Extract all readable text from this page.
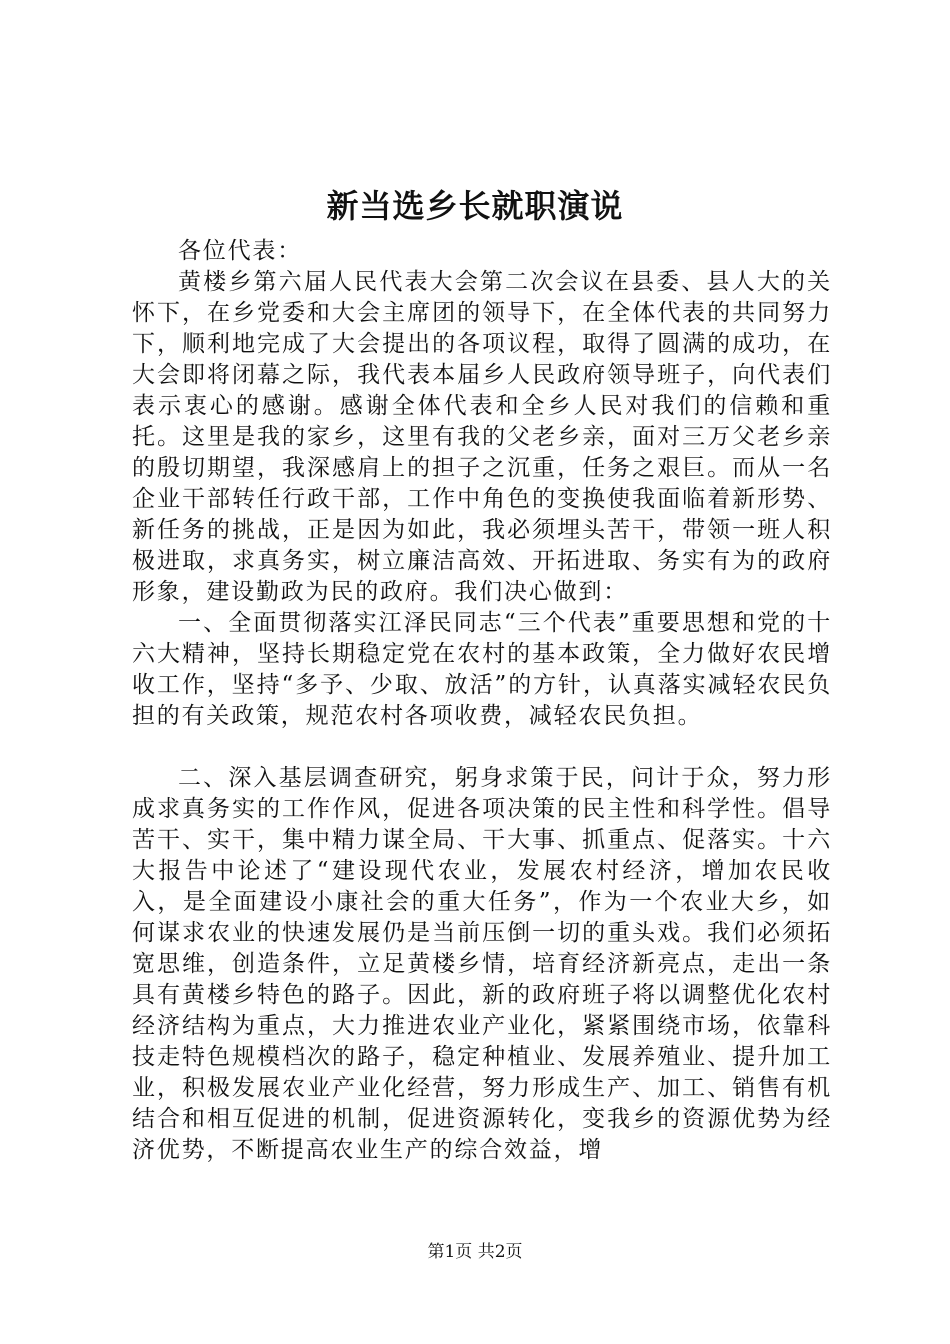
新当选乡长就职演说

各位代表：

黄楼乡第六届人民代表大会第二次会议在县委、县人大的关怀下，在乡党委和大会主席团的领导下，在全体代表的共同努力下，顺利地完成了大会提出的各项议程，取得了圆满的成功，在大会即将闭幕之际，我代表本届乡人民政府领导班子，向代表们表示衷心的感谢。感谢全体代表和全乡人民对我们的信赖和重托。这里是我的家乡，这里有我的父老乡亲，面对三万父老乡亲的殷切期望，我深感肩上的担子之沉重，任务之艰巨。而从一名企业干部转任行政干部，工作中角色的变换使我面临着新形势、新任务的挑战，正是因为如此，我必须埋头苦干，带领一班人积极进取，求真务实，树立廉洁高效、开拓进取、务实有为的政府形象，建设勤政为民的政府。我们决心做到：

一、全面贯彻落实江泽民同志“三个代表”重要思想和党的十六大精神，坚持长期稳定党在农村的基本政策，全力做好农民增收工作，坚持“多予、少取、放活”的方针，认真落实减轻农民负担的有关政策，规范农村各项收费，减轻农民负担。

二、深入基层调查研究，躬身求策于民，问计于众，努力形成求真务实的工作作风，促进各项决策的民主性和科学性。倡导苦干、实干，集中精力谋全局、干大事、抓重点、促落实。十六大报告中论述了“建设现代农业，发展农村经济，增加农民收入，是全面建设小康社会的重大任务”，作为一个农业大乡，如何谋求农业的快速发展仍是当前压倒一切的重头戏。我们必须拓宽思维，创造条件，立足黄楼乡情，培育经济新亮点，走出一条具有黄楼乡特色的路子。因此，新的政府班子将以调整优化农村经济结构为重点，大力推进农业产业化，紧紧围绕市场，依靠科技走特色规模档次的路子，稳定种植业、发展养殖业、提升加工业，积极发展农业产业化经营，努力形成生产、加工、销售有机结合和相互促进的机制，促进资源转化，变我乡的资源优势为经济优势，不断提高农业生产的综合效益，增

第1页 共2页
